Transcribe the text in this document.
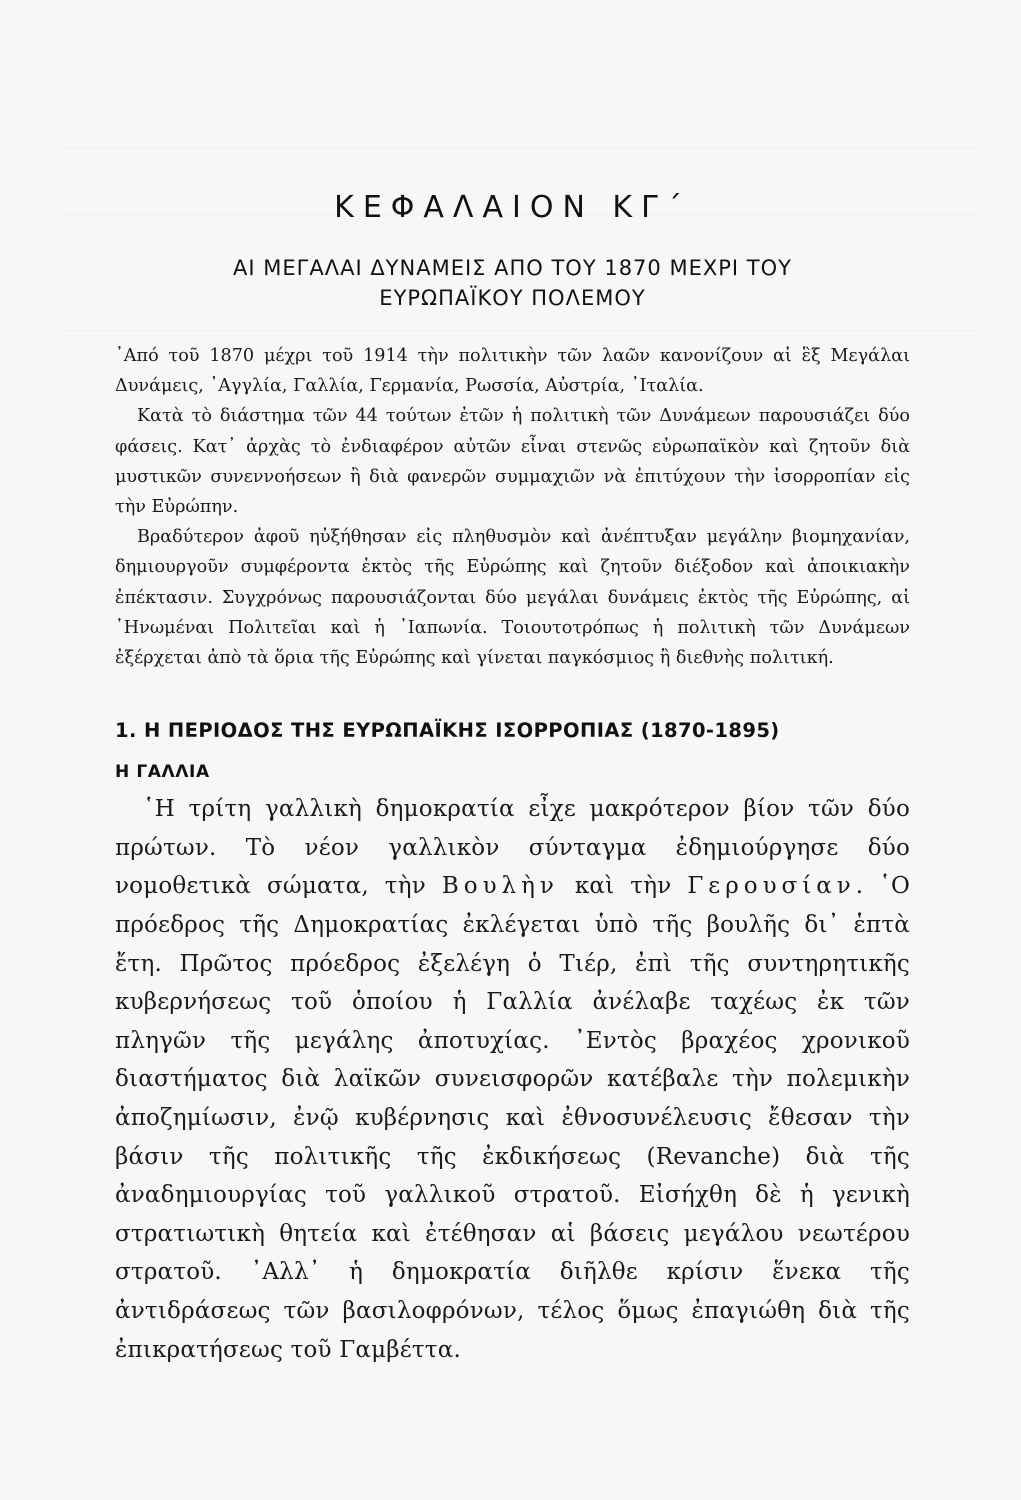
ΚΕΦΑΛΑΙΟΝ ΚΓ΄
ΑΙ ΜΕΓΑΛΑΙ ΔΥΝΑΜΕΙΣ ΑΠΟ ΤΟΥ 1870 ΜΕΧΡΙ ΤΟΥ
ΕΥΡΩΠΑΪΚΟΥ ΠΟΛΕΜΟΥ

᾿Από τοῦ 1870 μέχρι τοῦ 1914 τὴν πολιτικὴν τῶν λαῶν κανονίζουν αἱ ἓξ Μεγάλαι Δυνάμεις, ᾿Αγγλία, Γαλλία, Γερμανία, Ρωσσία, Αὐστρία, ᾿Ιταλία.

Κατὰ τὸ διάστημα τῶν 44 τούτων ἐτῶν ἡ πολιτικὴ τῶν Δυνάμεων παρουσιάζει δύο φάσεις. Κατ᾿ ἀρχὰς τὸ ἐνδιαφέρον αὐτῶν εἶναι στενῶς εὐρωπαϊκὸν καὶ ζητοῦν διὰ μυστικῶν συνεννοήσεων ἢ διὰ φανερῶν συμμαχιῶν νὰ ἐπιτύχουν τὴν ἰσορροπίαν εἰς τὴν Εὐρώπην.

Βραδύτερον ἀφοῦ ηὐξήθησαν εἰς πληθυσμὸν καὶ ἀνέπτυξαν μεγάλην βιομηχανίαν, δημιουργοῦν συμφέροντα ἐκτὸς τῆς Εὐρώπης καὶ ζητοῦν διέξοδον καὶ ἀποικιακὴν ἐπέκτασιν. Συγχρόνως παρουσιάζονται δύο μεγάλαι δυνάμεις ἐκτὸς τῆς Εὐρώπης, αἱ ῾Ηνωμέναι Πολιτεῖαι καὶ ἡ ᾿Ιαπωνία. Τοιουτοτρόπως ἡ πολιτικὴ τῶν Δυνάμεων ἐξέρχεται ἀπὸ τὰ ὅρια τῆς Εὐρώπης καὶ γίνεται παγκόσμιος ἢ διεθνὴς πολιτική.

1. Η ΠΕΡΙΟΔΟΣ ΤΗΣ ΕΥΡΩΠΑΪΚΗΣ ΙΣΟΡΡΟΠΙΑΣ (1870-1895)
Η ΓΑΛΛΙΑ

῾Η τρίτη γαλλικὴ δημοκρατία εἶχε μακρότερον βίον τῶν δύο πρώτων. Τὸ νέον γαλλικὸν σύνταγμα ἐδημιούργησε δύο νομοθετικὰ σώματα, τὴν Βουλὴν καὶ τὴν Γερουσίαν. ῾Ο πρόεδρος τῆς Δημοκρατίας ἐκλέγεται ὑπὸ τῆς βουλῆς δι᾿ ἑπτὰ ἔτη. Πρῶτος πρόεδρος ἐξελέγη ὁ Τιέρ, ἐπὶ τῆς συντηρητικῆς κυβερνήσεως τοῦ ὁποίου ἡ Γαλλία ἀνέλαβε ταχέως ἐκ τῶν πληγῶν τῆς μεγάλης ἀποτυχίας. ᾿Εντὸς βραχέος χρονικοῦ διαστήματος διὰ λαϊκῶν συνεισφορῶν κατέβαλε τὴν πολεμικὴν ἀποζημίωσιν, ἐνῷ κυβέρνησις καὶ ἐθνοσυνέλευσις ἔθεσαν τὴν βάσιν τῆς πολιτικῆς τῆς ἐκδικήσεως (Revanche) διὰ τῆς ἀναδημιουργίας τοῦ γαλλικοῦ στρατοῦ. Εἰσήχθη δὲ ἡ γενικὴ στρατιωτικὴ θητεία καὶ ἐτέθησαν αἱ βάσεις μεγάλου νεωτέρου στρατοῦ. ᾿Αλλ᾿ ἡ δημοκρατία διῆλθε κρίσιν ἕνεκα τῆς ἀντιδράσεως τῶν βασιλοφρόνων, τέλος ὅμως ἐπαγιώθη διὰ τῆς ἐπικρατήσεως τοῦ Γαμβέττα.
